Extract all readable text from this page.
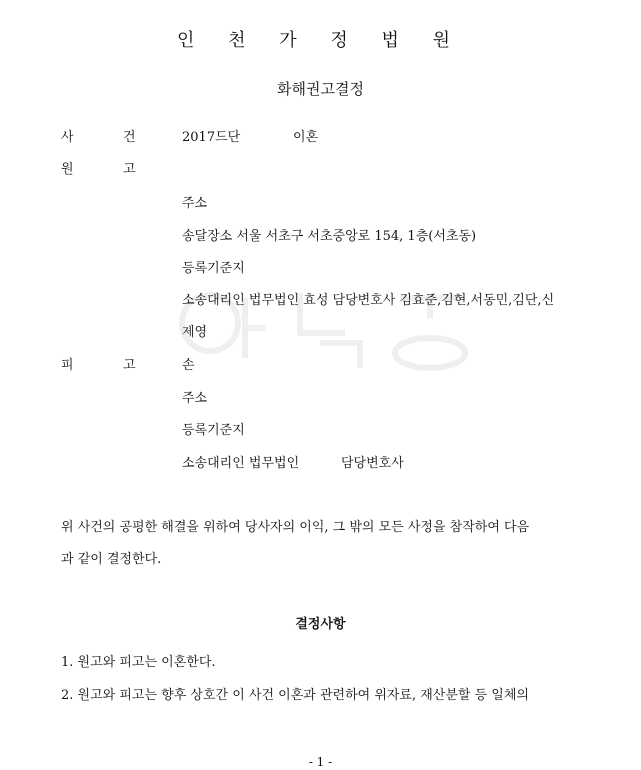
인 천 가 정 법 원
화해권고결정
사	건	2017드단	이혼
원	고
주소
송달장소 서울 서초구 서초중앙로 154, 1층(서초동)
등록기준지
소송대리인 법무법인 효성 담당변호사 김효준,김현,서동민,김단,신
제영
피	고	손
주소
등록기준지
소송대리인 법무법인	담당변호사
위 사건의 공평한 해결을 위하여 당사자의 이익, 그 밖의 모든 사정을 참작하여 다음
과 같이 결정한다.
결정사항
1. 원고와 피고는 이혼한다.
2. 원고와 피고는 향후 상호간 이 사건 이혼과 관련하여 위자료, 재산분할 등 일체의
- 1 -
